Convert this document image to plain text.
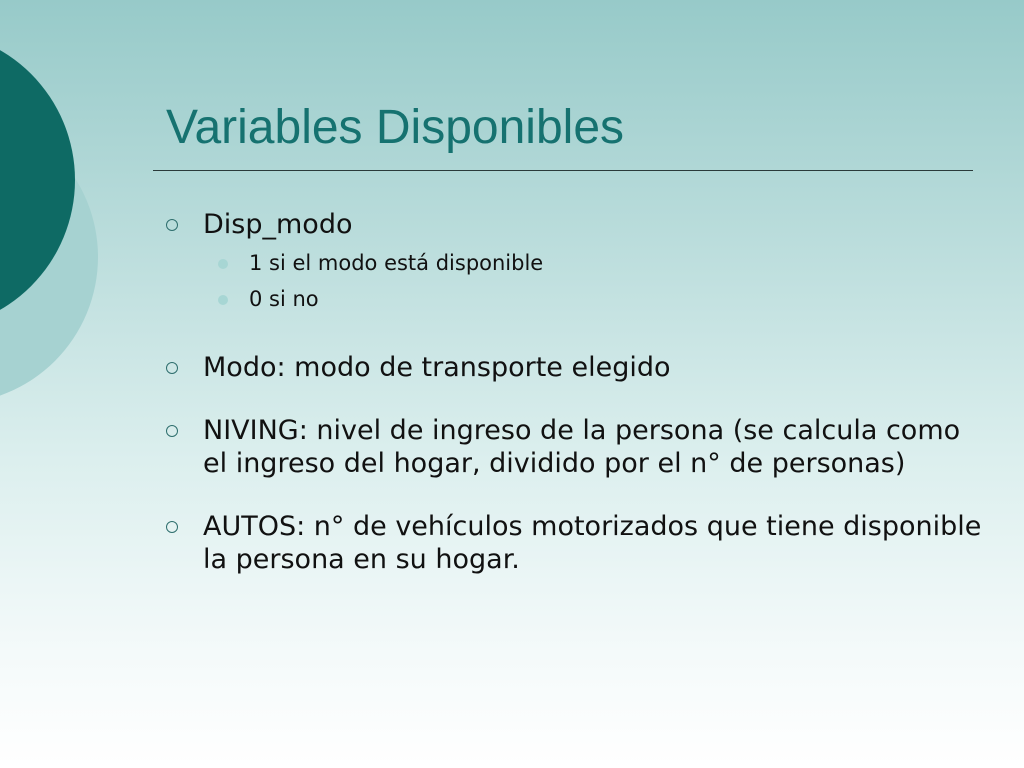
Variables Disponibles
Disp_modo
1 si el modo está disponible
0 si no
Modo: modo de transporte elegido
NIVING: nivel de ingreso de la persona (se calcula como el ingreso del hogar, dividido por el n° de personas)
AUTOS: n° de vehículos motorizados que tiene disponible la persona en su hogar.
